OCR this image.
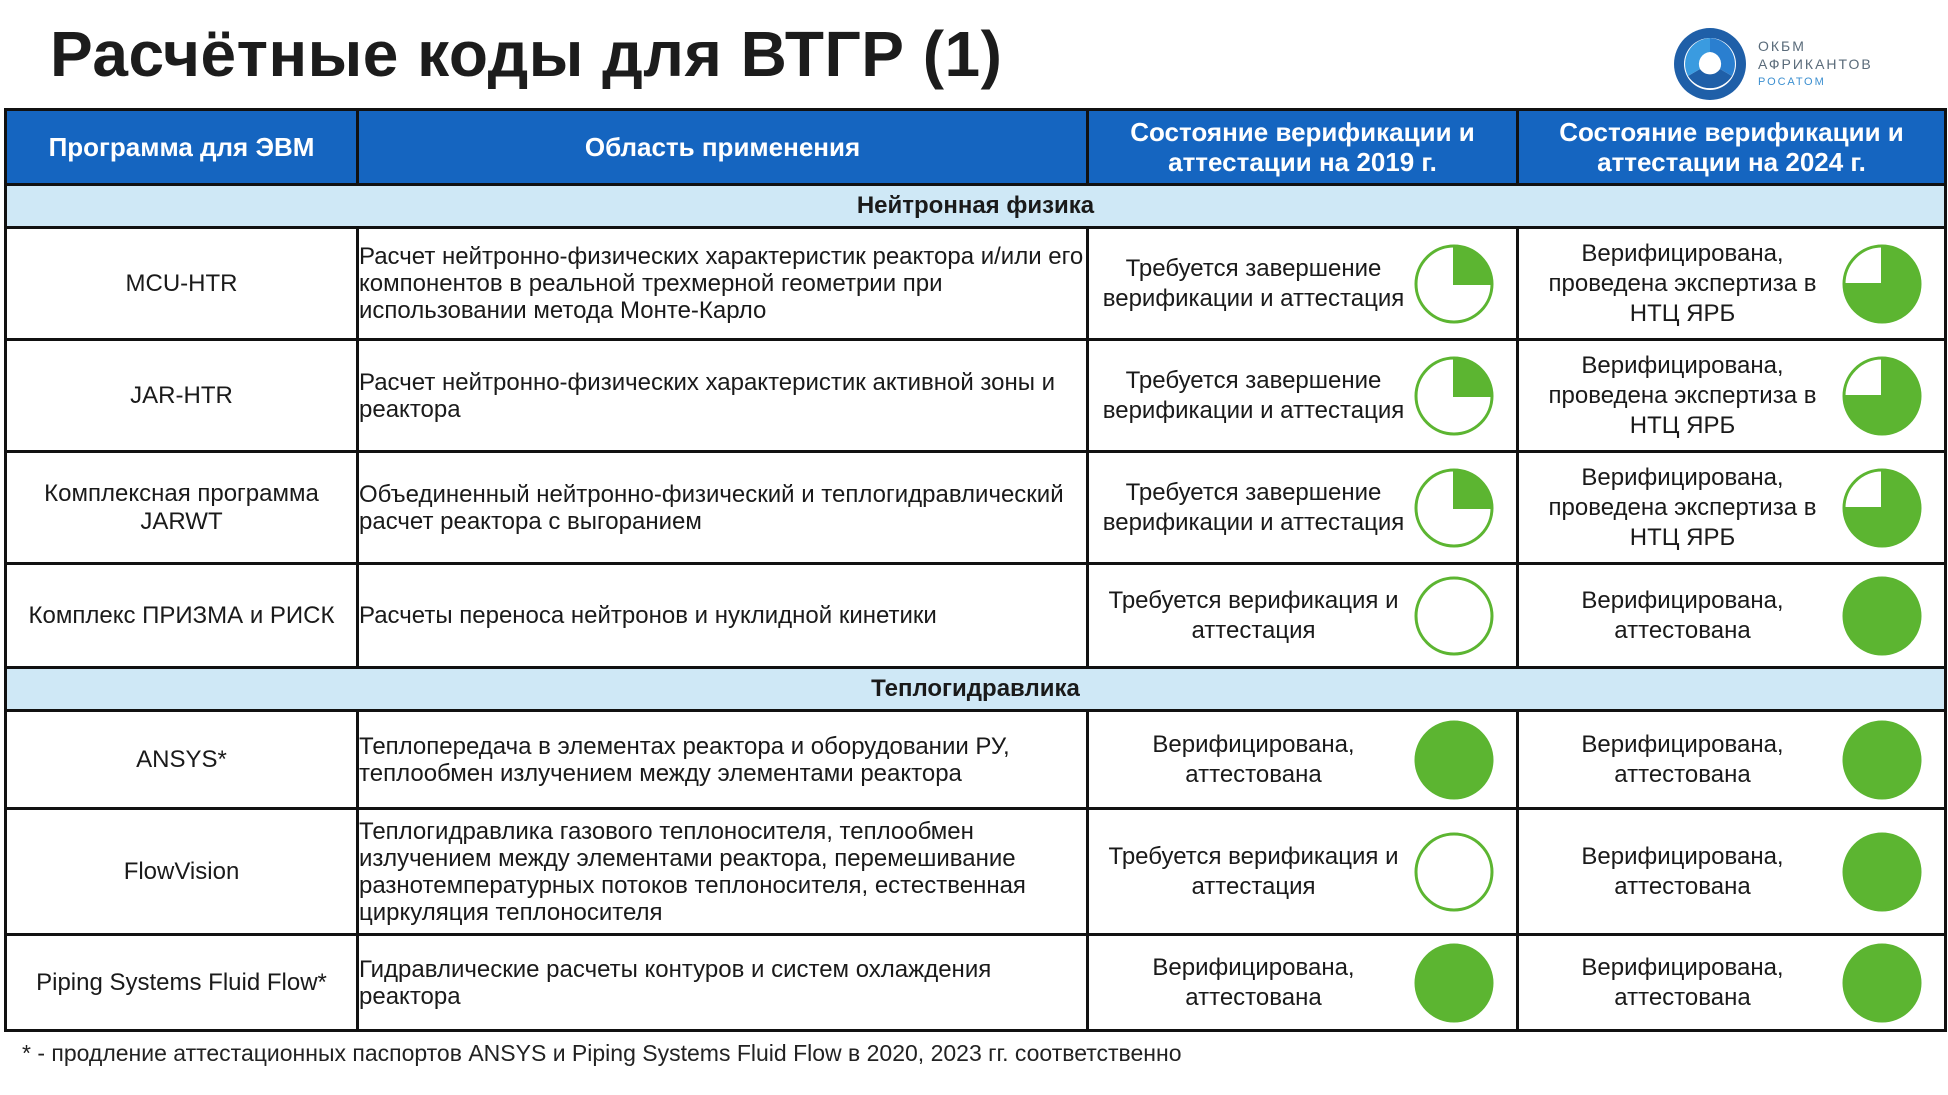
Расчётные коды для ВТГР (1)	ОКБМ
АФРИКАНТОВ
РОСАТОМ
Программа для ЭВМ	Область применения	Состояние верификации и аттестации на 2019 г.	Состояние верификации и аттестации на 2024 г.
Нейтронная физика			
MCU-HTR	Расчет нейтронно-физических характеристик реактора и/или его компонентов в реальной трехмерной геометрии при использовании метода Монте-Карло	Требуется завершение верификации и аттестация	Верифицирована, проведена экспертиза в НТЦ ЯРБ

JAR-HTR	Расчет нейтронно-физических характеристик активной зоны и реактора	Требуется завершение верификации и аттестация	Верифицирована, проведена экспертиза в НТЦ ЯРБ

Комплексная программа JARWT	Объединенный нейтронно-физический и теплогидравлический расчет реактора с выгоранием	Требуется завершение верификации и аттестация	Верифицирована, проведена экспертиза в НТЦ ЯРБ

Комплекс ПРИЗМА и РИСК	Расчеты переноса нейтронов и нуклидной кинетики	Требуется верификация и аттестация	Верифицирована, аттестована

Теплогидравлика			
ANSYS*	Теплопередача в элементах реактора и оборудовании РУ, теплообмен излучением между элементами реактора	Верифицирована, аттестована	Верифицирована, аттестована

FlowVision	Теплогидравлика газового теплоносителя, теплообмен излучением между элементами реактора, перемешивание разнотемпературных потоков теплоносителя, естественная циркуляция теплоносителя	Требуется верификация и аттестация	Верифицирована, аттестована

Piping Systems Fluid Flow*	Гидравлические расчеты контуров и систем охлаждения реактора	Верифицирована, аттестована	Верифицирована, аттестована
* - продление аттестационных паспортов ANSYS и Piping Systems Fluid Flow в 2020, 2023 гг. соответственно
